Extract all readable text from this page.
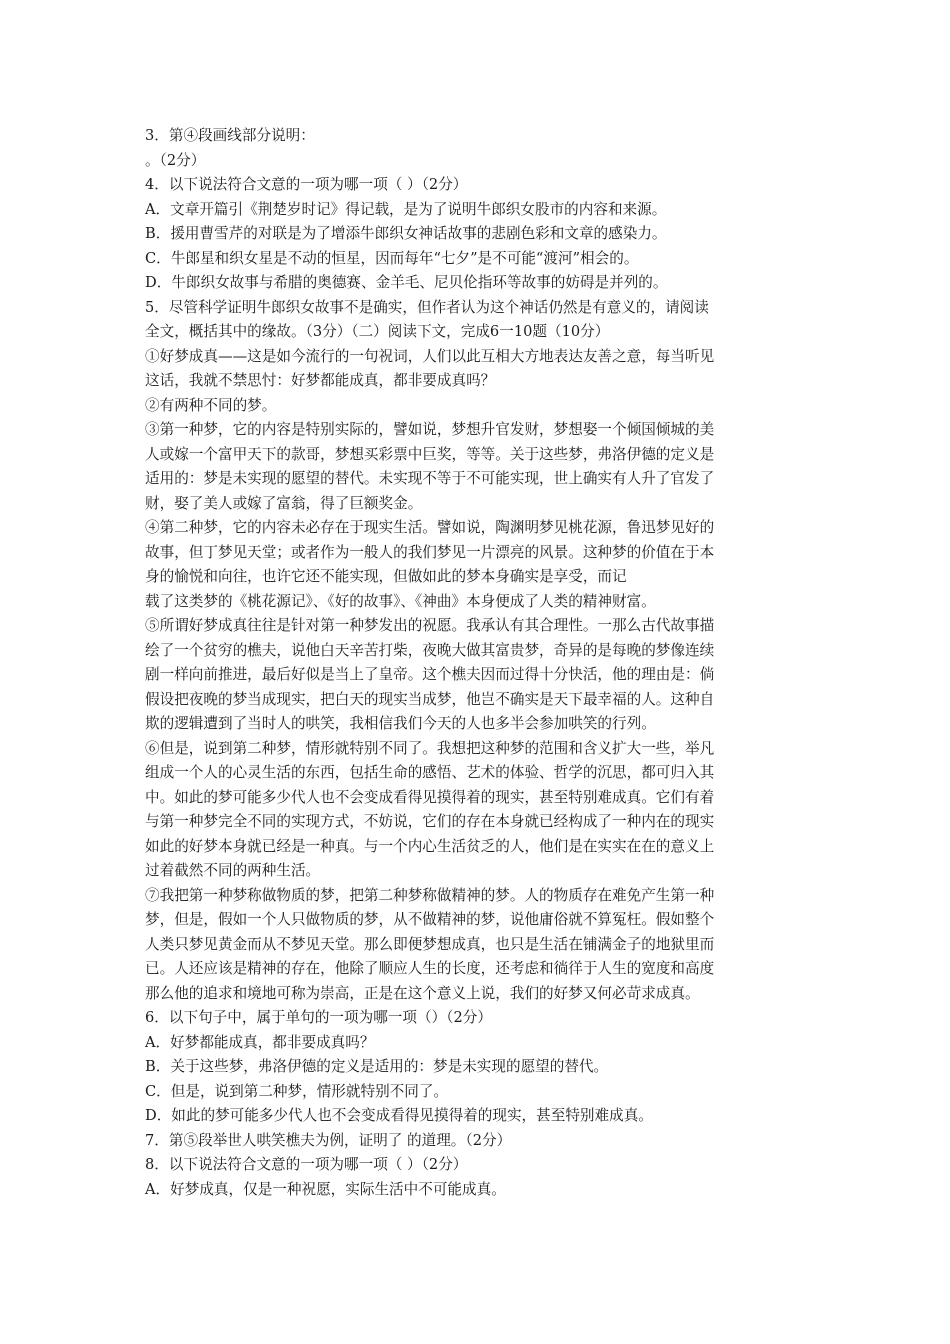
3．第④段画线部分说明：
。（2分）
4．以下说法符合文意的一项为哪一项（ ）（2分）
A．文章开篇引《荆楚岁时记》得记载，是为了说明牛郎织女股市的内容和来源。
B．援用曹雪芹的对联是为了增添牛郎织女神话故事的悲剧色彩和文章的感染力。
C．牛郎星和织女星是不动的恒星，因而每年“七夕”是不可能“渡河”相会的。
D．牛郎织女故事与希腊的奥德赛、金羊毛、尼贝伦指环等故事的妨碍是并列的。
5．尽管科学证明牛郎织女故事不是确实，但作者认为这个神话仍然是有意义的，请阅读
全文，概括其中的缘故。（3分）（二）阅读下文，完成6一10题（10分）
①好梦成真——这是如今流行的一句祝词，人们以此互相大方地表达友善之意，每当听见
这话，我就不禁思忖：好梦都能成真，都非要成真吗？
②有两种不同的梦。
③第一种梦，它的内容是特别实际的，譬如说，梦想升官发财，梦想娶一个倾国倾城的美
人或嫁一个富甲天下的款哥，梦想买彩票中巨奖，等等。关于这些梦，弗洛伊德的定义是
适用的：梦是未实现的愿望的替代。未实现不等于不可能实现，世上确实有人升了官发了
财，娶了美人或嫁了富翁，得了巨额奖金。
④第二种梦，它的内容未必存在于现实生活。譬如说，陶渊明梦见桃花源，鲁迅梦见好的
故事，但丁梦见天堂；或者作为一般人的我们梦见一片漂亮的风景。这种梦的价值在于本
身的愉悦和向往，也许它还不能实现，但做如此的梦本身确实是享受，而记
载了这类梦的《桃花源记》、《好的故事》、《神曲》本身便成了人类的精神财富。
⑤所谓好梦成真往往是针对第一种梦发出的祝愿。我承认有其合理性。一那么古代故事描
绘了一个贫穷的樵夫，说他白天辛苦打柴，夜晚大做其富贵梦，奇异的是每晚的梦像连续
剧一样向前推进，最后好似是当上了皇帝。这个樵夫因而过得十分快活，他的理由是：倘
假设把夜晚的梦当成现实，把白天的现实当成梦，他岂不确实是天下最幸福的人。这种自
欺的逻辑遭到了当时人的哄笑，我相信我们今天的人也多半会参加哄笑的行列。
⑥但是，说到第二种梦，情形就特别不同了。我想把这种梦的范围和含义扩大一些，举凡
组成一个人的心灵生活的东西，包括生命的感悟、艺术的体验、哲学的沉思，都可归入其
中。如此的梦可能多少代人也不会变成看得见摸得着的现实，甚至特别难成真。它们有着
与第一种梦完全不同的实现方式，不妨说，它们的存在本身就已经构成了一种内在的现实
如此的好梦本身就已经是一种真。与一个内心生活贫乏的人，他们是在实实在在的意义上
过着截然不同的两种生活。
⑦我把第一种梦称做物质的梦，把第二种梦称做精神的梦。人的物质存在难免产生第一种
梦，但是，假如一个人只做物质的梦，从不做精神的梦，说他庸俗就不算冤枉。假如整个
人类只梦见黄金而从不梦见天堂。那么即便梦想成真，也只是生活在铺满金子的地狱里而
已。人还应该是精神的存在，他除了顺应人生的长度，还考虑和徜徉于人生的宽度和高度
那么他的追求和境地可称为崇高，正是在这个意义上说，我们的好梦又何必苛求成真。
6．以下句子中，属于单句的一项为哪一项（）（2分）
A．好梦都能成真，都非要成真吗？
B．关于这些梦，弗洛伊德的定义是适用的：梦是未实现的愿望的替代。
C．但是，说到第二种梦，情形就特别不同了。
D．如此的梦可能多少代人也不会变成看得见摸得着的现实，甚至特别难成真。
7．第⑤段举世人哄笑樵夫为例，证明了 的道理。（2分）
8．以下说法符合文意的一项为哪一项（ ）（2分）
A．好梦成真，仅是一种祝愿，实际生活中不可能成真。
